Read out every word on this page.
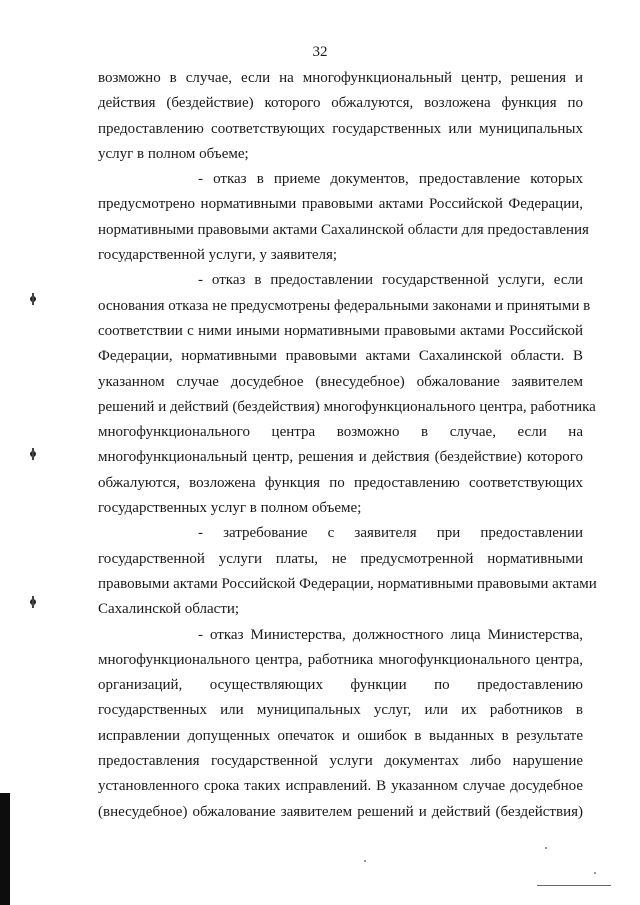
32
возможно в случае, если на многофункциональный центр, решения и
действия (бездействие) которого обжалуются, возложена функция по
предоставлению соответствующих государственных или муниципальных
услуг в полном объеме;
- отказ в приеме документов, предоставление которых
предусмотрено нормативными правовыми актами Российской Федерации,
нормативными правовыми актами Сахалинской области для предоставления
государственной услуги, у заявителя;
- отказ в предоставлении государственной услуги, если
основания отказа не предусмотрены федеральными законами и принятыми в
соответствии с ними иными нормативными правовыми актами Российской
Федерации, нормативными правовыми актами Сахалинской области. В
указанном случае досудебное (внесудебное) обжалование заявителем
решений и действий (бездействия) многофункционального центра, работника
многофункционального центра возможно в случае, если на
многофункциональный центр, решения и действия (бездействие) которого
обжалуются, возложена функция по предоставлению соответствующих
государственных услуг в полном объеме;
- затребование с заявителя при предоставлении
государственной услуги платы, не предусмотренной нормативными
правовыми актами Российской Федерации, нормативными правовыми актами
Сахалинской области;
- отказ Министерства, должностного лица Министерства,
многофункционального центра, работника многофункционального центра,
организаций, осуществляющих функции по предоставлению
государственных или муниципальных услуг, или их работников в
исправлении допущенных опечаток и ошибок в выданных в результате
предоставления государственной услуги документах либо нарушение
установленного срока таких исправлений. В указанном случае досудебное
(внесудебное) обжалование заявителем решений и действий (бездействия)
